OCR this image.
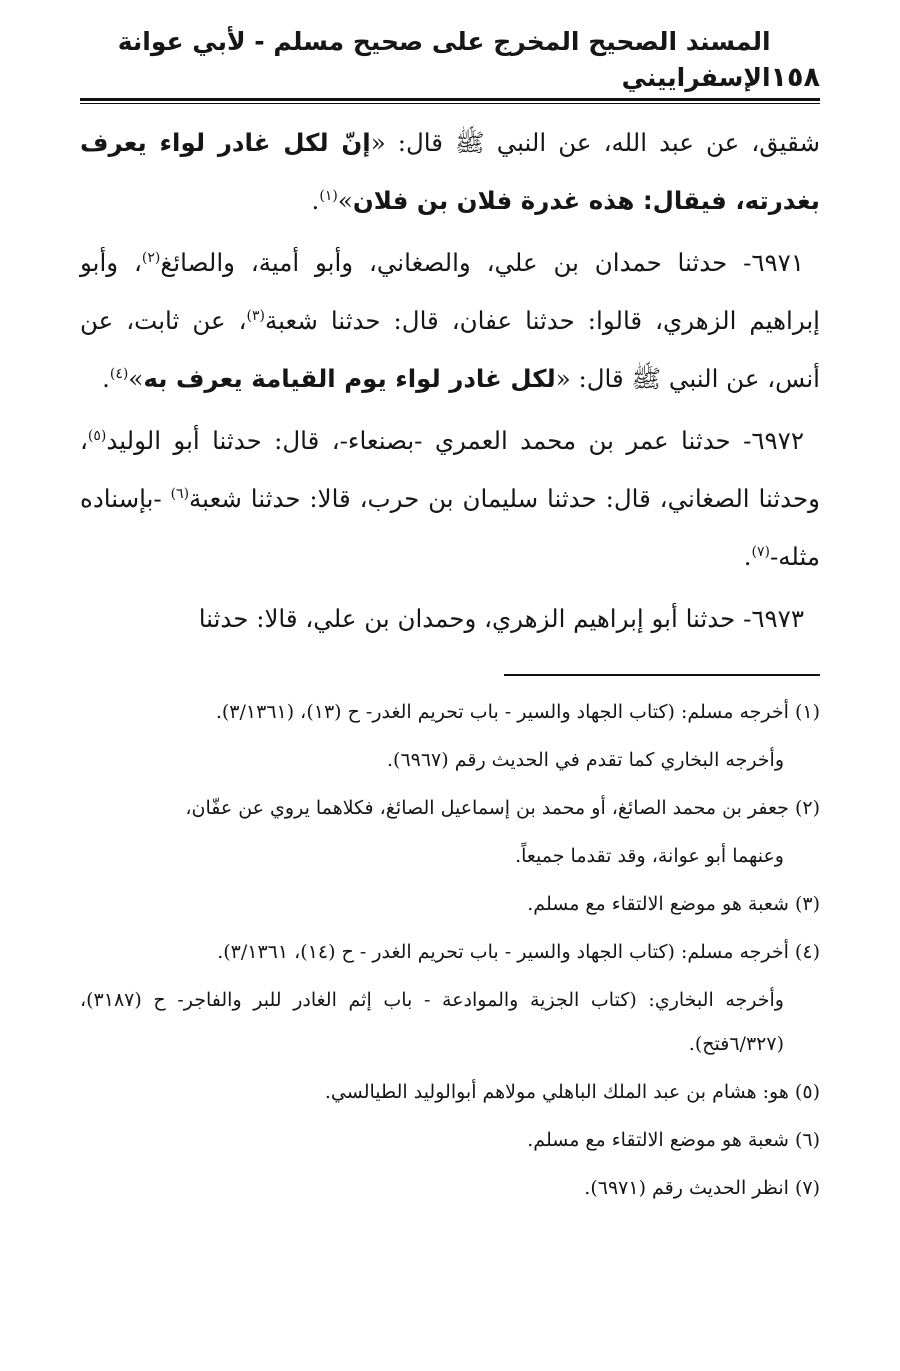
١٥٨
المسند الصحيح المخرج على صحيح مسلم - لأبي عوانة الإسفراييني

شقيق، عن عبد الله، عن النبي ﷺ قال: «إنّ لكل غادر لواء يعرف بغدرته، فيقال: هذه غدرة فلان بن فلان»$^{(١)}$.

٦٩٧١- حدثنا حمدان بن علي، والصغاني، وأبو أمية، والصائغ$^{(٢)}$، وأبو إبراهيم الزهري، قالوا: حدثنا عفان، قال: حدثنا شعبة$^{(٣)}$، عن ثابت، عن أنس، عن النبي ﷺ قال: «لكل غادر لواء يوم القيامة يعرف به»$^{(٤)}$.

٦٩٧٢- حدثنا عمر بن محمد العمري -بصنعاء-، قال: حدثنا أبو الوليد$^{(٥)}$، وحدثنا الصغاني، قال: حدثنا سليمان بن حرب، قالا: حدثنا شعبة$^{(٦)}$ -بإسناده مثله-$^{(٧)}$.

٦٩٧٣- حدثنا أبو إبراهيم الزهري، وحمدان بن علي، قالا: حدثنا

(١) أخرجه مسلم: (كتاب الجهاد والسير - باب تحريم الغدر- ح (١٣)، (٣/١٣٦١).
وأخرجه البخاري كما تقدم في الحديث رقم (٦٩٦٧).
(٢) جعفر بن محمد الصائغ، أو محمد بن إسماعيل الصائغ، فكلاهما يروي عن عفّان،
وعنهما أبو عوانة، وقد تقدما جميعاً.
(٣) شعبة هو موضع الالتقاء مع مسلم.
(٤) أخرجه مسلم: (كتاب الجهاد والسير - باب تحريم الغدر - ح (١٤)، ٣/١٣٦١).
وأخرجه البخاري: (كتاب الجزية والموادعة - باب إثم الغادر للبر والفاجر- ح (٣١٨٧)، (٦/٣٢٧فتح).
(٥) هو: هشام بن عبد الملك الباهلي مولاهم أبوالوليد الطيالسي.
(٦) شعبة هو موضع الالتقاء مع مسلم.
(٧) انظر الحديث رقم (٦٩٧١).
